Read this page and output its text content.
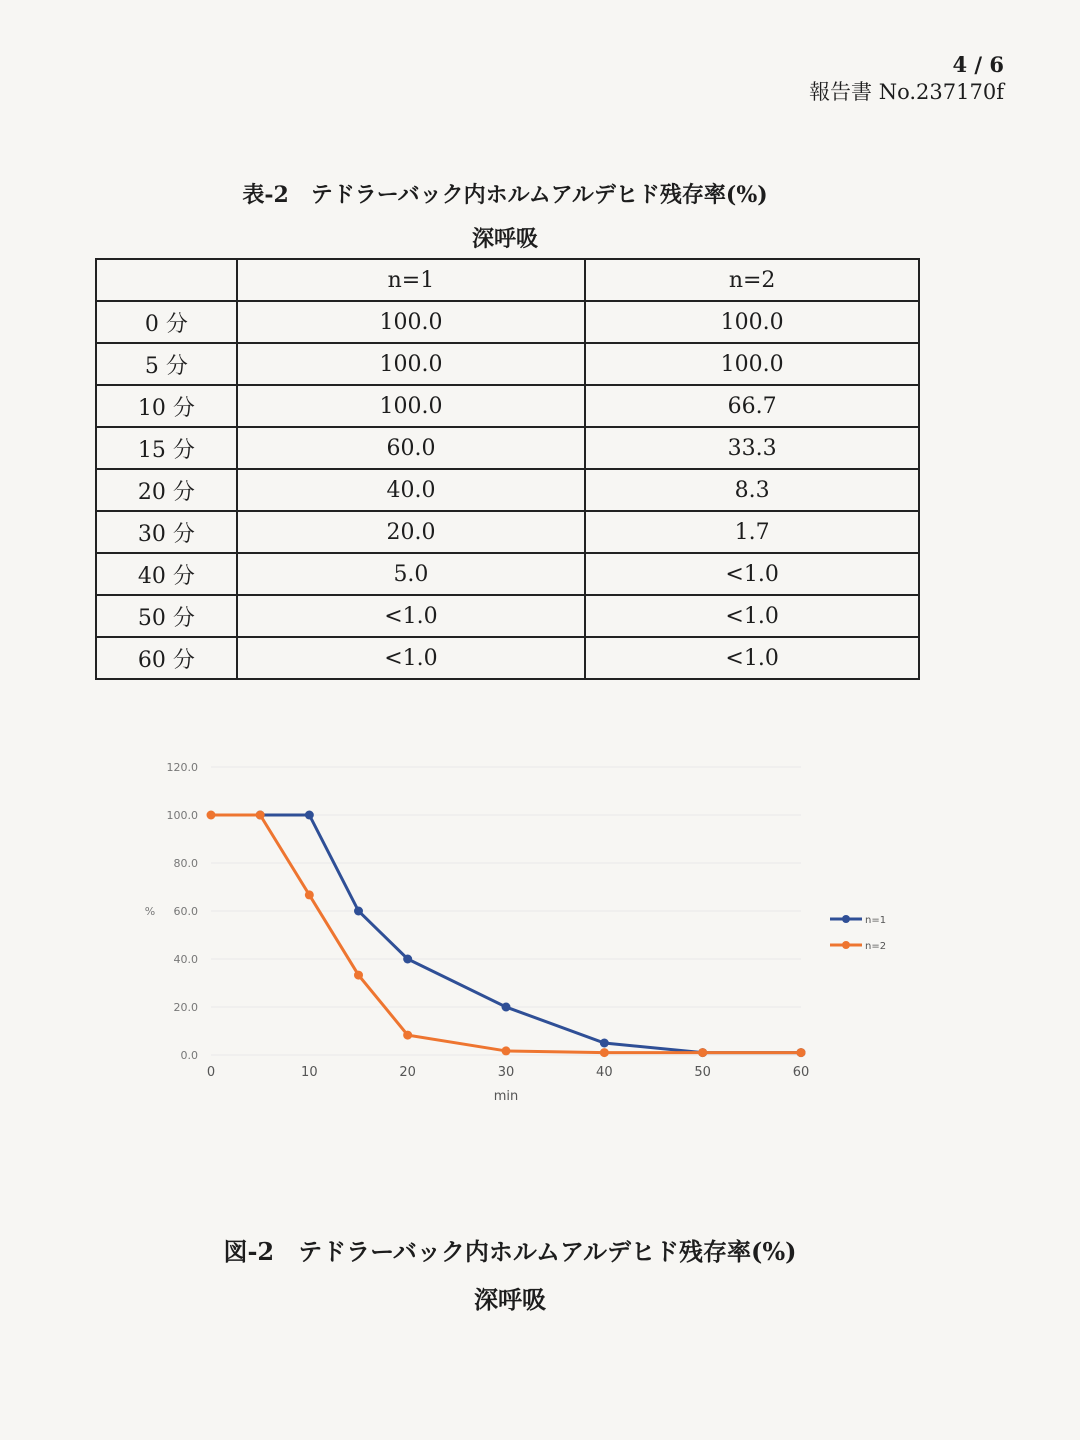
4 / 6
報告書 No.237170f
表-2　テドラーバック内ホルムアルデヒド残存率(%)
深呼吸
	n=1	n=2
0 分	100.0	100.0
5 分	100.0	100.0
10 分	100.0	66.7
15 分	60.0	33.3
20 分	40.0	8.3
30 分	20.0	1.7
40 分	5.0	<1.0
50 分	<1.0	<1.0
60 分	<1.0	<1.0
0.0
20.0
40.0
60.0
80.0
100.0
120.0
0	10	20	30	40	50	60
n=1
n=2
%
min
図-2　テドラーバック内ホルムアルデヒド残存率(%)
深呼吸
